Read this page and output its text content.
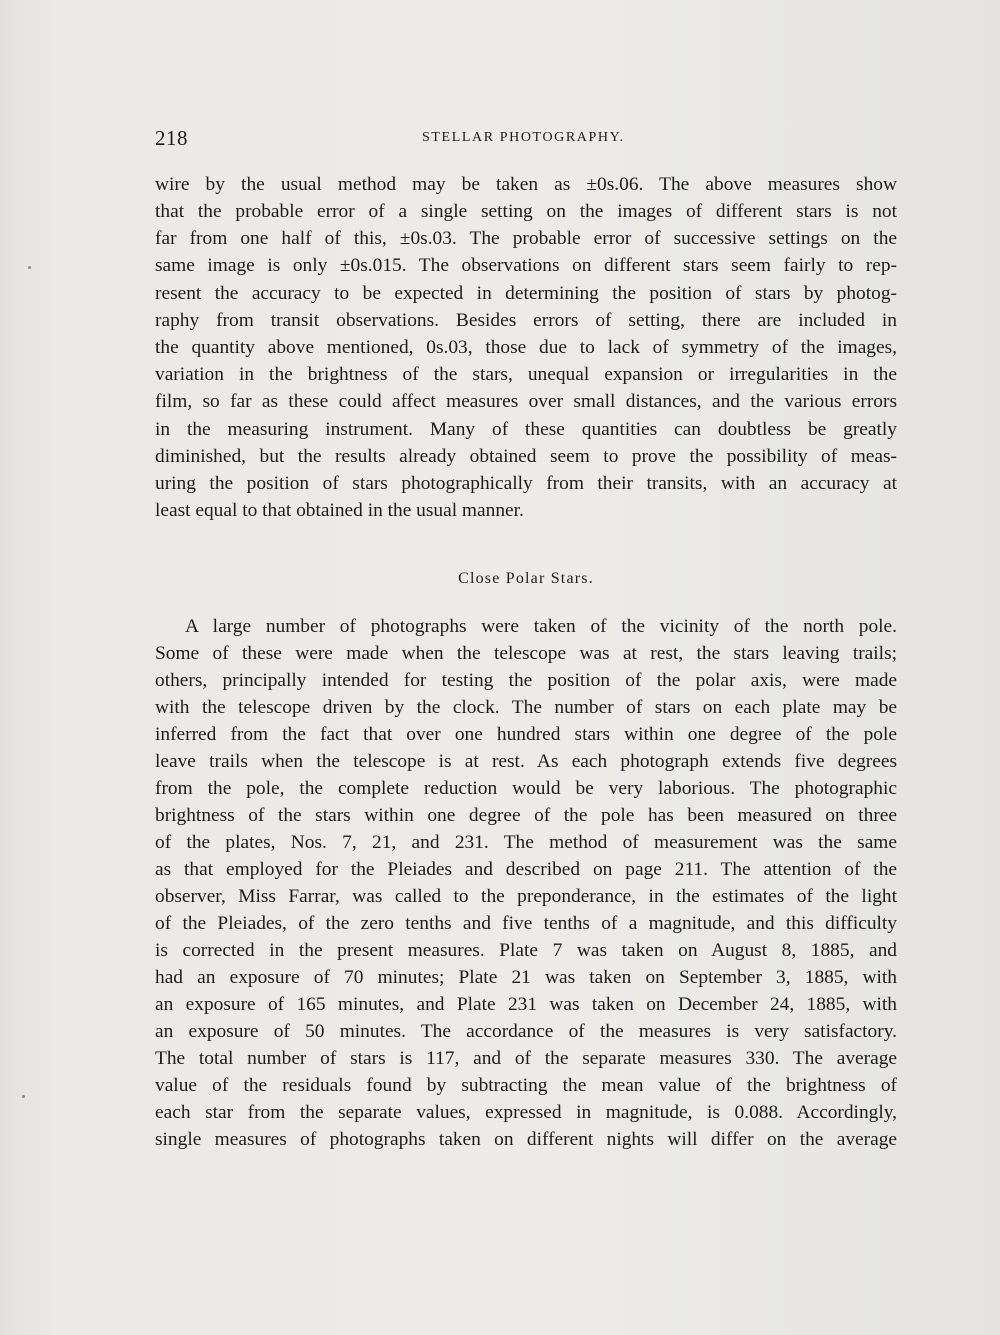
218	STELLAR PHOTOGRAPHY.
wire by the usual method may be taken as ±0s.06. The above measures show
that the probable error of a single setting on the images of different stars is not
far from one half of this, ±0s.03. The probable error of successive settings on the
same image is only ±0s.015. The observations on different stars seem fairly to rep-
resent the accuracy to be expected in determining the position of stars by photog-
raphy from transit observations. Besides errors of setting, there are included in
the quantity above mentioned, 0s.03, those due to lack of symmetry of the images,
variation in the brightness of the stars, unequal expansion or irregularities in the
film, so far as these could affect measures over small distances, and the various errors
in the measuring instrument. Many of these quantities can doubtless be greatly
diminished, but the results already obtained seem to prove the possibility of meas-
uring the position of stars photographically from their transits, with an accuracy at
least equal to that obtained in the usual manner.
Close Polar Stars.
A large number of photographs were taken of the vicinity of the north pole.
Some of these were made when the telescope was at rest, the stars leaving trails;
others, principally intended for testing the position of the polar axis, were made
with the telescope driven by the clock. The number of stars on each plate may be
inferred from the fact that over one hundred stars within one degree of the pole
leave trails when the telescope is at rest. As each photograph extends five degrees
from the pole, the complete reduction would be very laborious. The photographic
brightness of the stars within one degree of the pole has been measured on three
of the plates, Nos. 7, 21, and 231. The method of measurement was the same
as that employed for the Pleiades and described on page 211. The attention of the
observer, Miss Farrar, was called to the preponderance, in the estimates of the light
of the Pleiades, of the zero tenths and five tenths of a magnitude, and this difficulty
is corrected in the present measures. Plate 7 was taken on August 8, 1885, and
had an exposure of 70 minutes; Plate 21 was taken on September 3, 1885, with
an exposure of 165 minutes, and Plate 231 was taken on December 24, 1885, with
an exposure of 50 minutes. The accordance of the measures is very satisfactory.
The total number of stars is 117, and of the separate measures 330. The average
value of the residuals found by subtracting the mean value of the brightness of
each star from the separate values, expressed in magnitude, is 0.088. Accordingly,
single measures of photographs taken on different nights will differ on the average
